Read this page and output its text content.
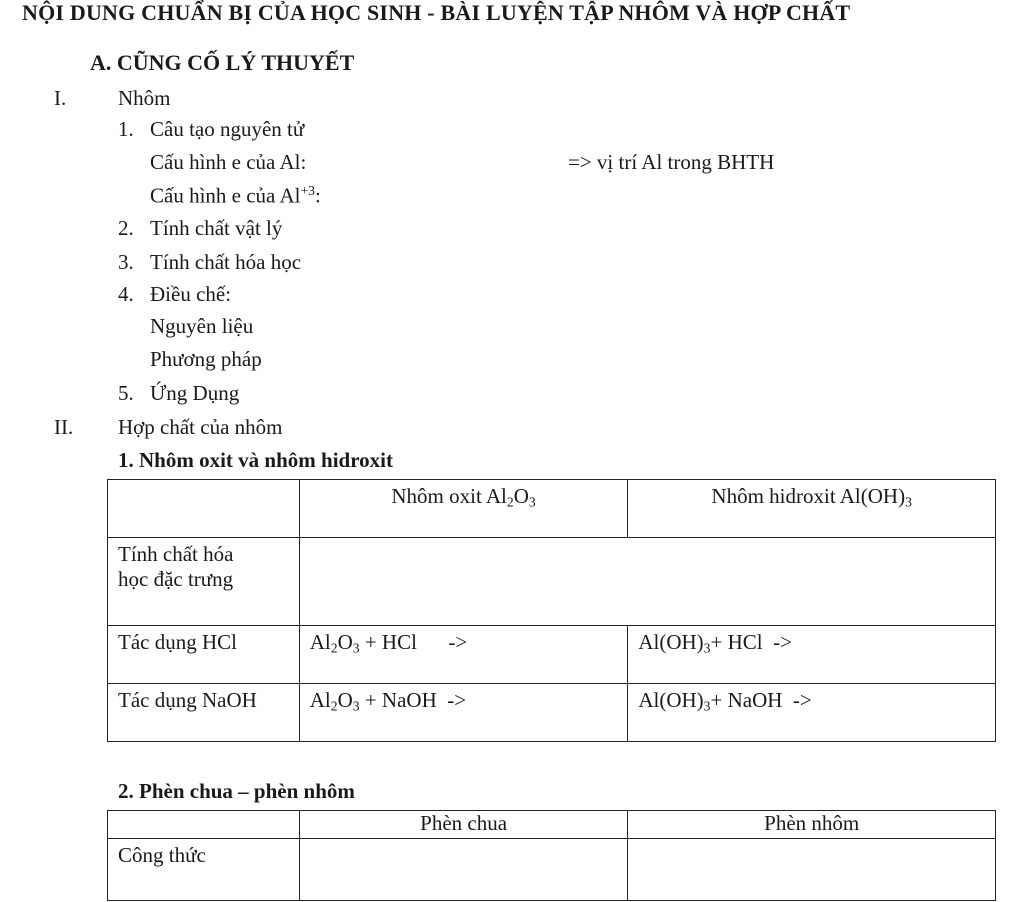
NỘI DUNG CHUẨN BỊ CỦA HỌC SINH - BÀI LUYỆN TẬP NHÔM VÀ HỢP CHẤT
A. CŨNG CỐ LÝ THUYẾT
I. Nhôm
1. Câu tạo nguyên tử
Cấu hình e của Al:	=> vị trí Al trong BHTH
Cấu hình e của $Al^{+3}$:
2. Tính chất vật lý
3. Tính chất hóa học
4. Điều chế:
Nguyên liệu
Phương pháp
5. Ứng Dụng
II. Hợp chất của nhôm
1. Nhôm oxit và nhôm hidroxit
	Nhôm oxit $Al_2O_3$	Nhôm hidroxit $Al(OH)_3$
Tính chất hóa
học đặc trưng		
Tác dụng HCl	$Al_2O_3$ + HCl      ->	$Al(OH)_3+$ HCl  ->
Tác dụng NaOH	$Al_2O_3$ + NaOH  ->	$Al(OH)_3+$ NaOH  ->
2. Phèn chua – phèn nhôm
	Phèn chua	Phèn nhôm
Công thức		
